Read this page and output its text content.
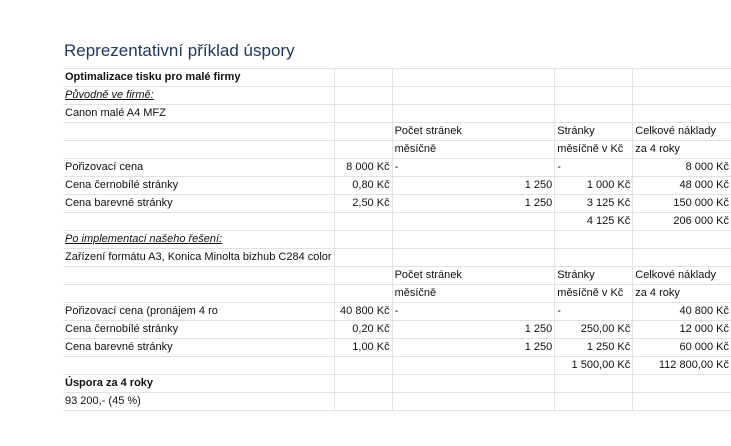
Reprezentativní příklad úspory
Optimalizace tisku pro malé firmy				
Původně ve firmě:				
Canon malé A4 MFZ				
		Počet stránek	Stránky	Celkové náklady
		měsíčně	měsíčně v Kč	za 4 roky
Pořizovací cena	8 000 Kč	-	-	8 000 Kč
Cena černobílé stránky	0,80 Kč	1 250	1 000 Kč	48 000 Kč
Cena barevné stránky	2,50 Kč	1 250	3 125 Kč	150 000 Kč
			4 125 Kč	206 000 Kč
Po implementaci našeho řešení:				
Zařízení formátu A3, Konica Minolta bizhub C284 color				
		Počet stránek	Stránky	Celkové náklady
		měsíčně	měsíčně v Kč	za 4 roky
Pořizovací cena (pronájem 4 ro	40 800 Kč	-	-	40 800 Kč
Cena černobílé stránky	0,20 Kč	1 250	250,00 Kč	12 000 Kč
Cena barevné stránky	1,00 Kč	1 250	1 250 Kč	60 000 Kč
			1 500,00 Kč	112 800,00 Kč
Úspora za 4 roky				
93 200,- (45 %)				
